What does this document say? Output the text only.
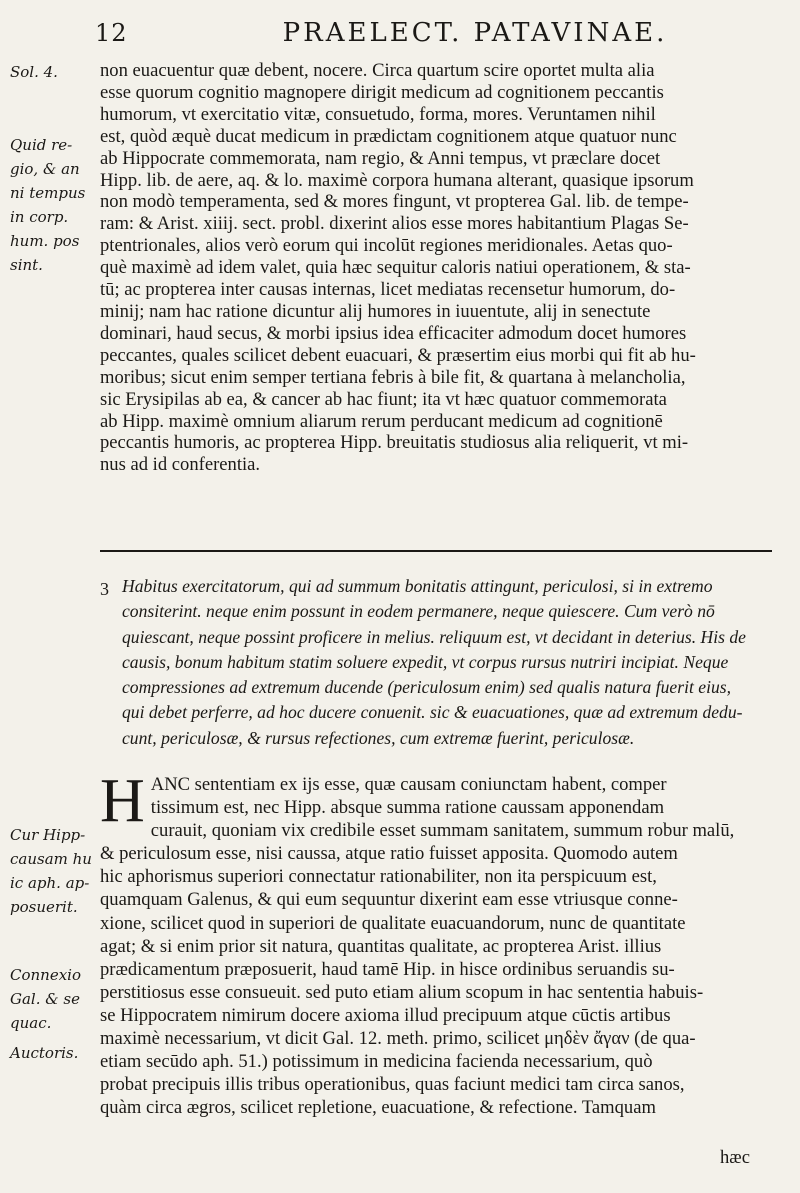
12	PRAELECT. PATAVINAE.
Sol. 4.
Quid re-
gio, & an
ni tempus
in corp.
hum. pos
sint.
Cur Hipp-
causam hu
ic aph. ap-
posuerit.
Connexio
Gal. & se
quac.
Auctoris.
non euacuentur quæ debent, nocere. Circa quartum scire oportet multa alia
esse quorum cognitio magnopere dirigit medicum ad cognitionem peccantis
humorum, vt exercitatio vitæ, consuetudo, forma, mores. Veruntamen nihil
est, quòd æquè ducat medicum in prædictam cognitionem atque quatuor nunc
ab Hippocrate commemorata, nam regio, & Anni tempus, vt præclare docet
Hipp. lib. de aere, aq. & lo. maximè corpora humana alterant, quasique ipsorum
non modò temperamenta, sed & mores fingunt, vt propterea Gal. lib. de tempe-
ram: & Arist. xiiij. sect. probl. dixerint alios esse mores habitantium Plagas Se-
ptentrionales, alios verò eorum qui incolūt regiones meridionales. Aetas quo-
què maximè ad idem valet, quia hæc sequitur caloris natiui operationem, & sta-
tū; ac propterea inter causas internas, licet mediatas recensetur humorum, do-
minij; nam hac ratione dicuntur alij humores in iuuentute, alij in senectute
dominari, haud secus, & morbi ipsius idea efficaciter admodum docet humores
peccantes, quales scilicet debent euacuari, & præsertim eius morbi qui fit ab hu-
moribus; sicut enim semper tertiana febris à bile fit, & quartana à melancholia,
sic Erysipilas ab ea, & cancer ab hac fiunt; ita vt hæc quatuor commemorata
ab Hipp. maximè omnium aliarum rerum perducant medicum ad cognitionē
peccantis humoris, ac propterea Hipp. breuitatis studiosus alia reliquerit, vt mi-
nus ad id conferentia.
3 Habitus exercitatorum, qui ad summum bonitatis attingunt, periculosi, si in extremo
consiterint. neque enim possunt in eodem permanere, neque quiescere. Cum verò nō
quiescant, neque possint proficere in melius. reliquum est, vt decidant in deterius. His de
causis, bonum habitum statim soluere expedit, vt corpus rursus nutriri incipiat. Neque
compressiones ad extremum ducende (periculosum enim) sed qualis natura fuerit eius,
qui debet perferre, ad hoc ducere conuenit. sic & euacuationes, quæ ad extremum dedu-
cunt, periculosæ, & rursus refectiones, cum extremæ fuerint, periculosæ.
H ANC sententiam ex ijs esse, quæ causam coniunctam habent, comper
tissimum est, nec Hipp. absque summa ratione caussam apponendam
curauit, quoniam vix credibile esset summam sanitatem, summum robur malū,
& periculosum esse, nisi caussa, atque ratio fuisset apposita. Quomodo autem
hic aphorismus superiori connectatur rationabiliter, non ita perspicuum est,
quamquam Galenus, & qui eum sequuntur dixerint eam esse vtriusque conne-
xione, scilicet quod in superiori de qualitate euacuandorum, nunc de quantitate
agat; & si enim prior sit natura, quantitas qualitate, ac propterea Arist. illius
prædicamentum præposuerit, haud tamē Hip. in hisce ordinibus seruandis su-
perstitiosus esse consueuit. sed puto etiam alium scopum in hac sententia habuis-
se Hippocratem nimirum docere axioma illud precipuum atque cūctis artibus
maximè necessarium, vt dicit Gal. 12. meth. primo, scilicet μηδὲν ἄγαν (de qua-
etiam secūdo aph. 51.) potissimum in medicina facienda necessarium, quò
probat precipuis illis tribus operationibus, quas faciunt medici tam circa sanos,
quàm circa ægros, scilicet repletione, euacuatione, & refectione. Tamquam
hæc
